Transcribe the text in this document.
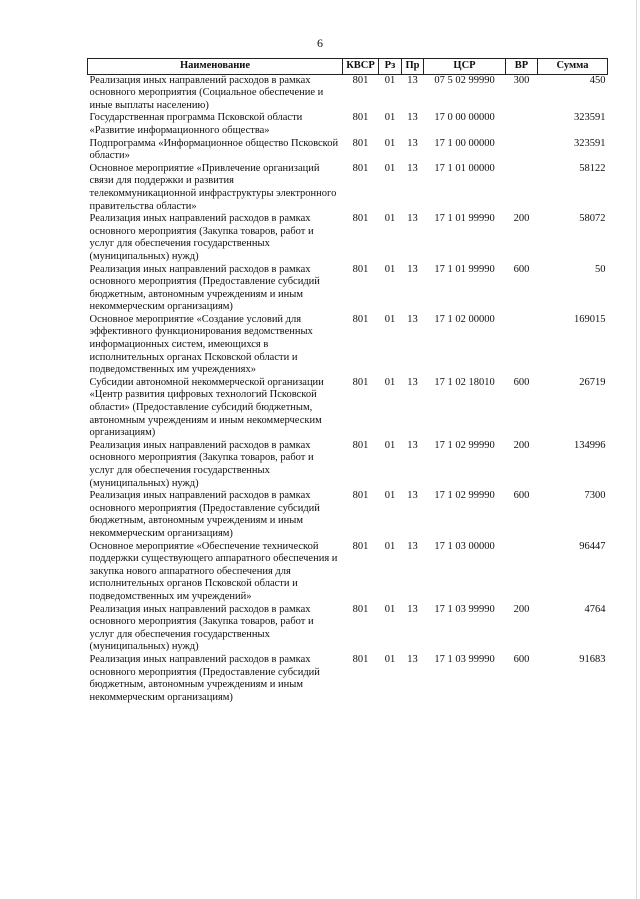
6
Наименование	КВСР	Рз	Пр	ЦСР	ВР	Сумма
Реализация иных направлений расходов в рамках основного мероприятия (Социальное обеспечение и иные выплаты населению)	801	01	13	07 5 02 99990	300	450
Государственная программа Псковской области «Развитие информационного общества»	801	01	13	17 0 00 00000		323591
Подпрограмма «Информационное общество Псковской области»	801	01	13	17 1 00 00000		323591
Основное мероприятие «Привлечение организаций связи для поддержки и развития телекоммуникационной инфраструктуры электронного правительства области»	801	01	13	17 1 01 00000		58122
Реализация иных направлений расходов в рамках основного мероприятия (Закупка товаров, работ и услуг для обеспечения государственных (муниципальных) нужд)	801	01	13	17 1 01 99990	200	58072
Реализация иных направлений расходов в рамках основного мероприятия (Предоставление субсидий бюджетным, автономным учреждениям и иным некоммерческим организациям)	801	01	13	17 1 01 99990	600	50
Основное мероприятие «Создание условий для эффективного функционирования ведомственных информационных систем, имеющихся в исполнительных органах Псковской области и подведомственных им учреждениях»	801	01	13	17 1 02 00000		169015
Субсидии автономной некоммерческой организации «Центр развития цифровых технологий Псковской области» (Предоставление субсидий бюджетным, автономным учреждениям и иным некоммерческим организациям)	801	01	13	17 1 02 18010	600	26719
Реализация иных направлений расходов в рамках основного мероприятия (Закупка товаров, работ и услуг для обеспечения государственных (муниципальных) нужд)	801	01	13	17 1 02 99990	200	134996
Реализация иных направлений расходов в рамках основного мероприятия (Предоставление субсидий бюджетным, автономным учреждениям и иным некоммерческим организациям)	801	01	13	17 1 02 99990	600	7300
Основное мероприятие «Обеспечение технической поддержки существующего аппаратного обеспечения и закупка нового аппаратного обеспечения для исполнительных органов Псковской области и подведомственных им учреждений»	801	01	13	17 1 03 00000		96447
Реализация иных направлений расходов в рамках основного мероприятия (Закупка товаров, работ и услуг для обеспечения государственных (муниципальных) нужд)	801	01	13	17 1 03 99990	200	4764
Реализация иных направлений расходов в рамках основного мероприятия (Предоставление субсидий бюджетным, автономным учреждениям и иным некоммерческим организациям)	801	01	13	17 1 03 99990	600	91683
